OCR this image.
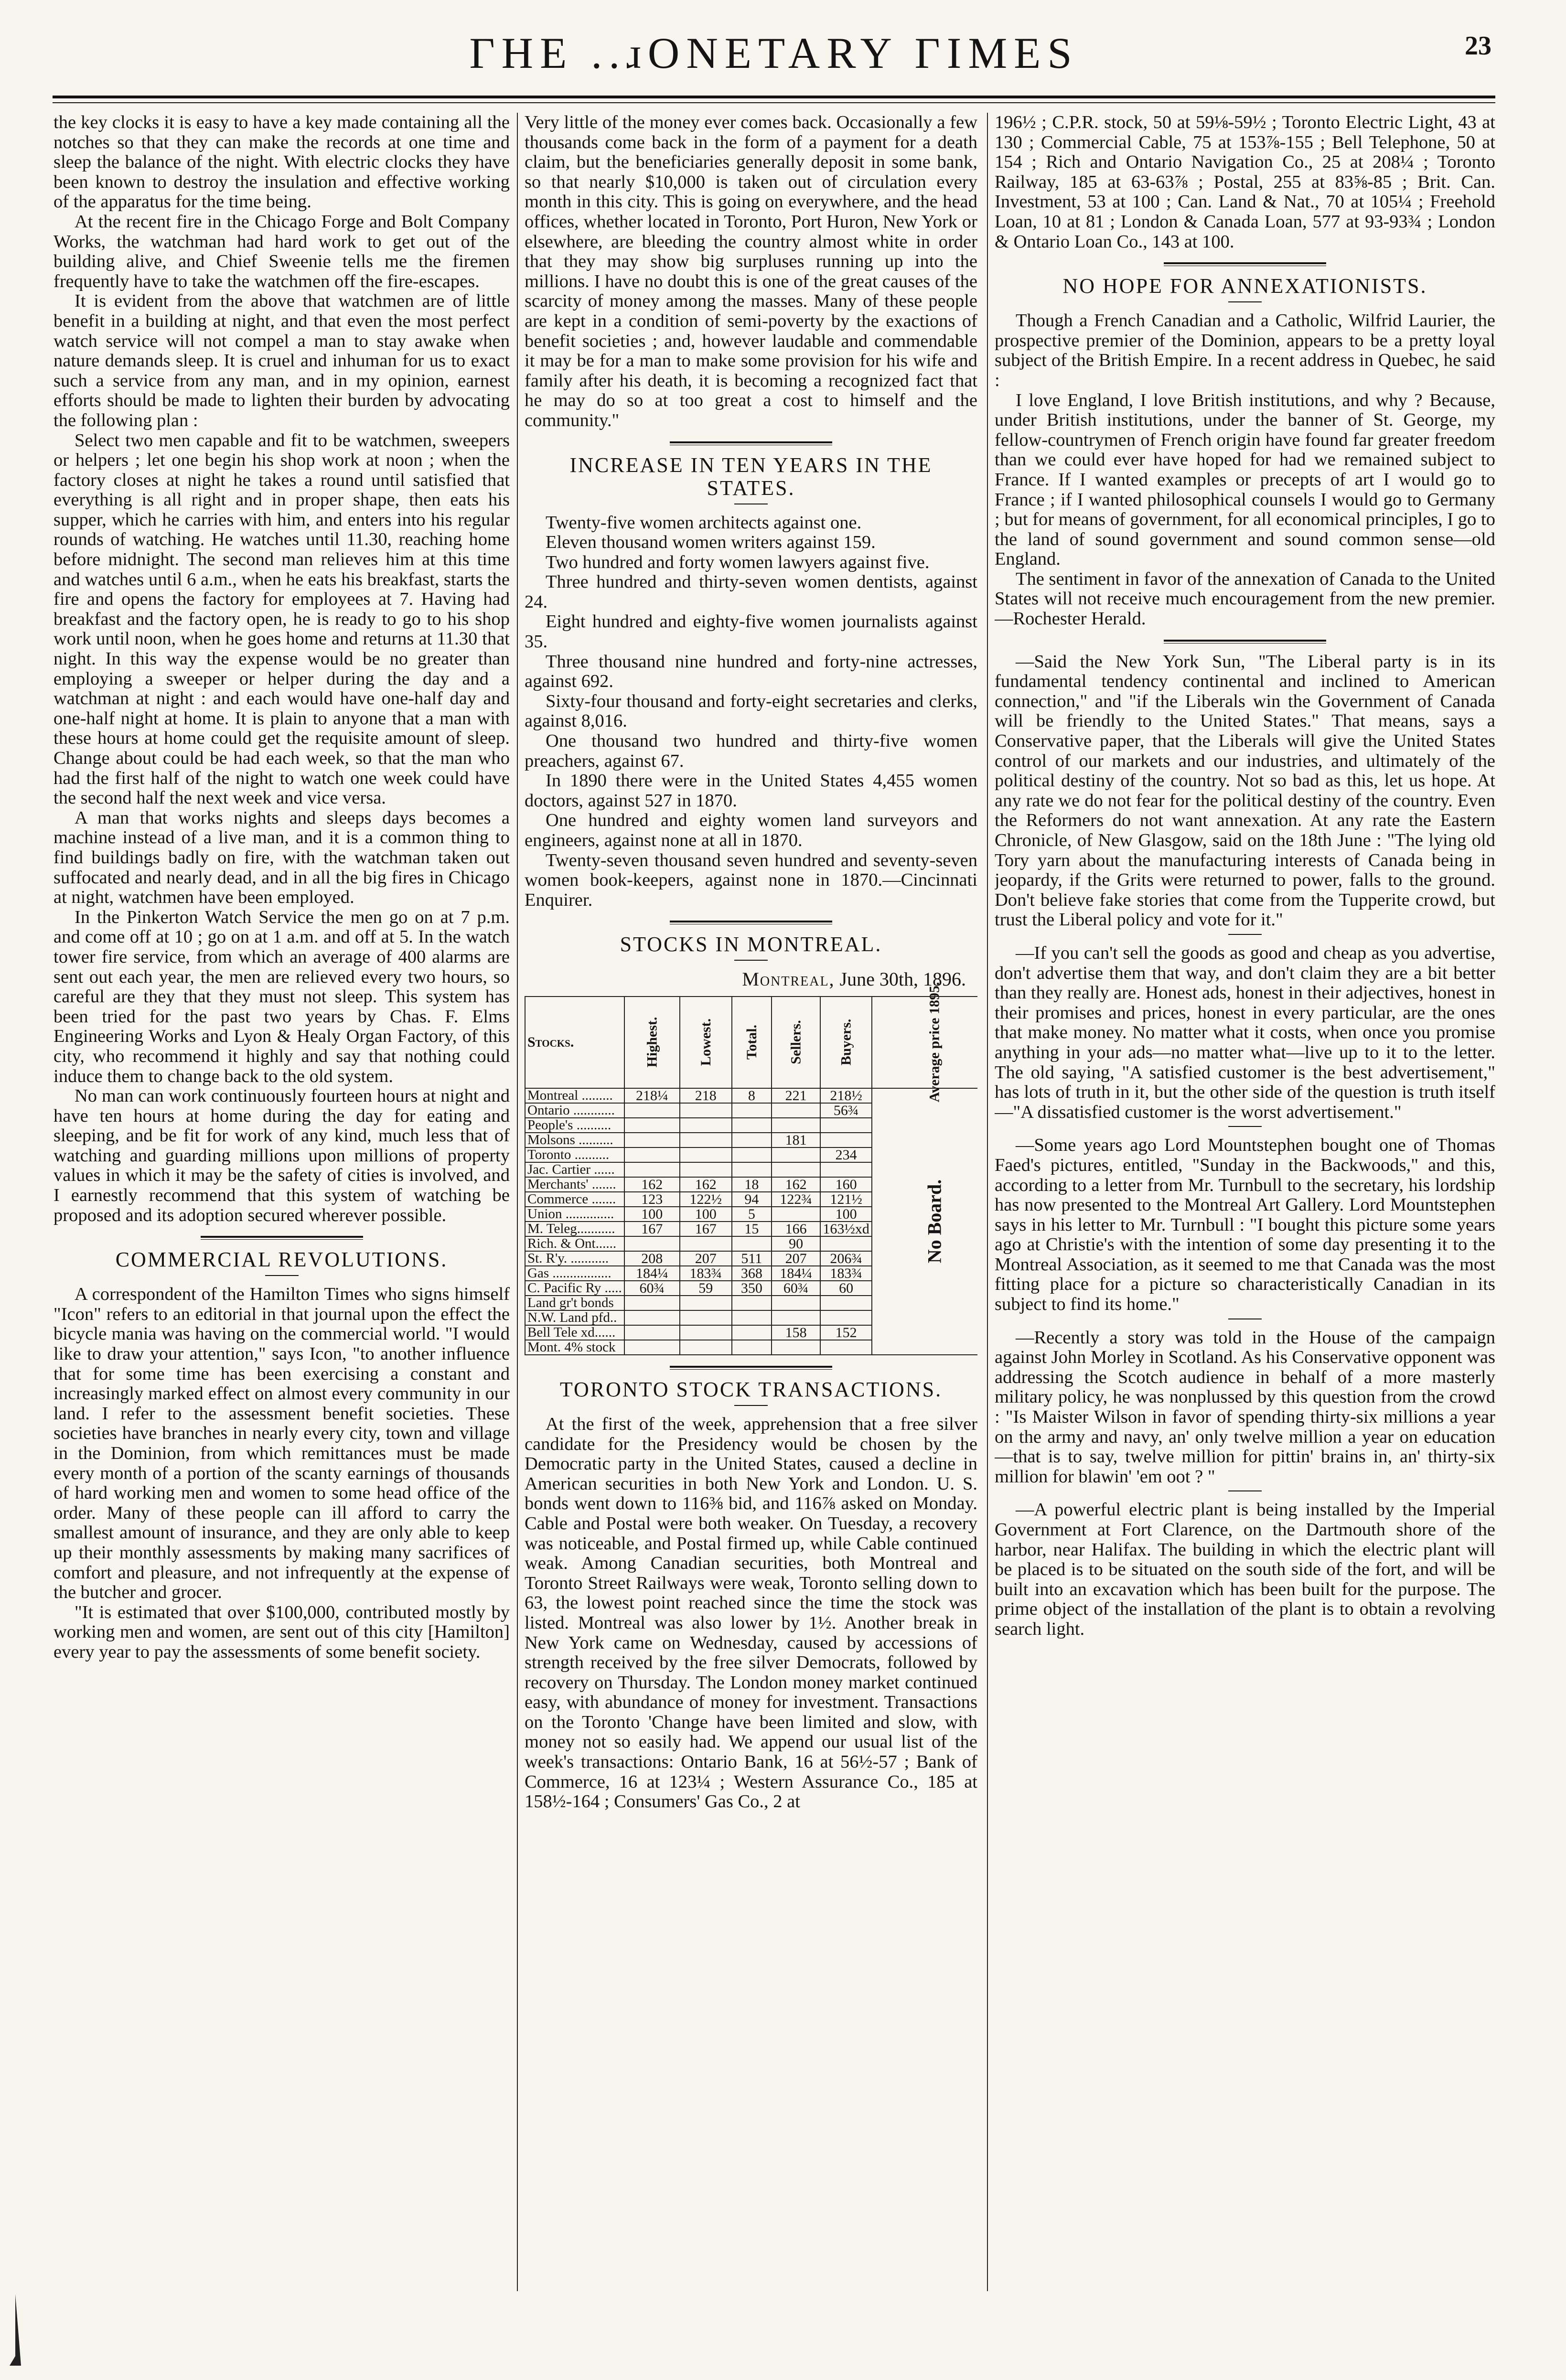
ΓHE ..ɹONETARY ΓIMES	23

the key clocks it is easy to have a key made containing all the notches so that they can make the records at one time and sleep the balance of the night. With electric clocks they have been known to destroy the insulation and effective working of the apparatus for the time being.

At the recent fire in the Chicago Forge and Bolt Company Works, the watchman had hard work to get out of the building alive, and Chief Sweenie tells me the firemen frequently have to take the watchmen off the fire-escapes.

It is evident from the above that watchmen are of little benefit in a building at night, and that even the most perfect watch service will not compel a man to stay awake when nature demands sleep. It is cruel and inhuman for us to exact such a service from any man, and in my opinion, earnest efforts should be made to lighten their burden by advocating the following plan :

Select two men capable and fit to be watchmen, sweepers or helpers ; let one begin his shop work at noon ; when the factory closes at night he takes a round until satisfied that everything is all right and in proper shape, then eats his supper, which he carries with him, and enters into his regular rounds of watching. He watches until 11.30, reaching home before midnight. The second man relieves him at this time and watches until 6 a.m., when he eats his breakfast, starts the fire and opens the factory for employees at 7. Having had breakfast and the factory open, he is ready to go to his shop work until noon, when he goes home and returns at 11.30 that night. In this way the expense would be no greater than employing a sweeper or helper during the day and a watchman at night : and each would have one-half day and one-half night at home. It is plain to anyone that a man with these hours at home could get the requisite amount of sleep. Change about could be had each week, so that the man who had the first half of the night to watch one week could have the second half the next week and vice versa.

A man that works nights and sleeps days becomes a machine instead of a live man, and it is a common thing to find buildings badly on fire, with the watchman taken out suffocated and nearly dead, and in all the big fires in Chicago at night, watchmen have been employed.

In the Pinkerton Watch Service the men go on at 7 p.m. and come off at 10 ; go on at 1 a.m. and off at 5. In the watch tower fire service, from which an average of 400 alarms are sent out each year, the men are relieved every two hours, so careful are they that they must not sleep. This system has been tried for the past two years by Chas. F. Elms Engineering Works and Lyon & Healy Organ Factory, of this city, who recommend it highly and say that nothing could induce them to change back to the old system.

No man can work continuously fourteen hours at night and have ten hours at home during the day for eating and sleeping, and be fit for work of any kind, much less that of watching and guarding millions upon millions of property values in which it may be the safety of cities is involved, and I earnestly recommend that this system of watching be proposed and its adoption secured wherever possible.

COMMERCIAL REVOLUTIONS.

A correspondent of the Hamilton Times who signs himself "Icon" refers to an editorial in that journal upon the effect the bicycle mania was having on the commercial world. "I would like to draw your attention," says Icon, "to another influence that for some time has been exercising a constant and increasingly marked effect on almost every community in our land. I refer to the assessment benefit societies. These societies have branches in nearly every city, town and village in the Dominion, from which remittances must be made every month of a portion of the scanty earnings of thousands of hard working men and women to some head office of the order. Many of these people can ill afford to carry the smallest amount of insurance, and they are only able to keep up their monthly assessments by making many sacrifices of comfort and pleasure, and not infrequently at the expense of the butcher and grocer.

"It is estimated that over $100,000, contributed mostly by working men and women, are sent out of this city [Hamilton] every year to pay the assessments of some benefit society.

Very little of the money ever comes back. Occasionally a few thousands come back in the form of a payment for a death claim, but the beneficiaries generally deposit in some bank, so that nearly $10,000 is taken out of circulation every month in this city. This is going on everywhere, and the head offices, whether located in Toronto, Port Huron, New York or elsewhere, are bleeding the country almost white in order that they may show big surpluses running up into the millions. I have no doubt this is one of the great causes of the scarcity of money among the masses. Many of these people are kept in a condition of semi-poverty by the exactions of benefit societies ; and, however laudable and commendable it may be for a man to make some provision for his wife and family after his death, it is becoming a recognized fact that he may do so at too great a cost to himself and the community."

INCREASE IN TEN YEARS IN THE STATES.

Twenty-five women architects against one.

Eleven thousand women writers against 159.

Two hundred and forty women lawyers against five.

Three hundred and thirty-seven women dentists, against 24.

Eight hundred and eighty-five women journalists against 35.

Three thousand nine hundred and forty-nine actresses, against 692.

Sixty-four thousand and forty-eight secretaries and clerks, against 8,016.

One thousand two hundred and thirty-five women preachers, against 67.

In 1890 there were in the United States 4,455 women doctors, against 527 in 1870.

One hundred and eighty women land surveyors and engineers, against none at all in 1870.

Twenty-seven thousand seven hundred and seventy-seven women book-keepers, against none in 1870.—Cincinnati Enquirer.

STOCKS IN MONTREAL.
Montreal, June 30th, 1896.
Stocks.	Highest.	Lowest.	Total.	Sellers.	Buyers.	Average price 1895.
Montreal .........	218¼	218	8	221	218½	No Board.
Ontario ............					56¾	
People's ..........						
Molsons ..........				181		
Toronto ..........					234	
Jac. Cartier ......						
Merchants' .......	162	162	18	162	160	
Commerce .......	123	122½	94	122¾	121½	
Union ..............	100	100	5		100	
M. Teleg...........	167	167	15	166	163½xd	
Rich. & Ont......				90		
St. R'y. ...........	208	207	511	207	206¾	
Gas .................	184¼	183¾	368	184¼	183¾	
C. Pacific Ry .....	60¾	59	350	60¾	60	
Land gr't bonds						
N.W. Land pfd..						
Bell Tele xd......				158	152	
Mont. 4% stock						
TORONTO STOCK TRANSACTIONS.

At the first of the week, apprehension that a free silver candidate for the Presidency would be chosen by the Democratic party in the United States, caused a decline in American securities in both New York and London. U. S. bonds went down to 116⅜ bid, and 116⅞ asked on Monday. Cable and Postal were both weaker. On Tuesday, a recovery was noticeable, and Postal firmed up, while Cable continued weak. Among Canadian securities, both Montreal and Toronto Street Railways were weak, Toronto selling down to 63, the lowest point reached since the time the stock was listed. Montreal was also lower by 1½. Another break in New York came on Wednesday, caused by accessions of strength received by the free silver Democrats, followed by recovery on Thursday. The London money market continued easy, with abundance of money for investment. Transactions on the Toronto 'Change have been limited and slow, with money not so easily had. We append our usual list of the week's transactions: Ontario Bank, 16 at 56½-57 ; Bank of Commerce, 16 at 123¼ ; Western Assurance Co., 185 at 158½-164 ; Consumers' Gas Co., 2 at

196½ ; C.P.R. stock, 50 at 59⅛-59½ ; Toronto Electric Light, 43 at 130 ; Commercial Cable, 75 at 153⅞-155 ; Bell Telephone, 50 at 154 ; Rich and Ontario Navigation Co., 25 at 208¼ ; Toronto Railway, 185 at 63-63⅞ ; Postal, 255 at 83⅝-85 ; Brit. Can. Investment, 53 at 100 ; Can. Land & Nat., 70 at 105¼ ; Freehold Loan, 10 at 81 ; London & Canada Loan, 577 at 93-93¾ ; London & Ontario Loan Co., 143 at 100.

NO HOPE FOR ANNEXATIONISTS.

Though a French Canadian and a Catholic, Wilfrid Laurier, the prospective premier of the Dominion, appears to be a pretty loyal subject of the British Empire. In a recent address in Quebec, he said :

I love England, I love British institutions, and why ? Because, under British institutions, under the banner of St. George, my fellow-countrymen of French origin have found far greater freedom than we could ever have hoped for had we remained subject to France. If I wanted examples or precepts of art I would go to France ; if I wanted philosophical counsels I would go to Germany ; but for means of government, for all economical principles, I go to the land of sound government and sound common sense—old England.

The sentiment in favor of the annexation of Canada to the United States will not receive much encouragement from the new premier.—Rochester Herald.

—Said the New York Sun, "The Liberal party is in its fundamental tendency continental and inclined to American connection," and "if the Liberals win the Government of Canada will be friendly to the United States." That means, says a Conservative paper, that the Liberals will give the United States control of our markets and our industries, and ultimately of the political destiny of the country. Not so bad as this, let us hope. At any rate we do not fear for the political destiny of the country. Even the Reformers do not want annexation. At any rate the Eastern Chronicle, of New Glasgow, said on the 18th June : "The lying old Tory yarn about the manufacturing interests of Canada being in jeopardy, if the Grits were returned to power, falls to the ground. Don't believe fake stories that come from the Tupperite crowd, but trust the Liberal policy and vote for it."

—If you can't sell the goods as good and cheap as you advertise, don't advertise them that way, and don't claim they are a bit better than they really are. Honest ads, honest in their adjectives, honest in their promises and prices, honest in every particular, are the ones that make money. No matter what it costs, when once you promise anything in your ads—no matter what—live up to it to the letter. The old saying, "A satisfied customer is the best advertisement," has lots of truth in it, but the other side of the question is truth itself—"A dissatisfied customer is the worst advertisement."

—Some years ago Lord Mountstephen bought one of Thomas Faed's pictures, entitled, "Sunday in the Backwoods," and this, according to a letter from Mr. Turnbull to the secretary, his lordship has now presented to the Montreal Art Gallery. Lord Mountstephen says in his letter to Mr. Turnbull : "I bought this picture some years ago at Christie's with the intention of some day presenting it to the Montreal Association, as it seemed to me that Canada was the most fitting place for a picture so characteristically Canadian in its subject to find its home."

—Recently a story was told in the House of the campaign against John Morley in Scotland. As his Conservative opponent was addressing the Scotch audience in behalf of a more masterly military policy, he was nonplussed by this question from the crowd : "Is Maister Wilson in favor of spending thirty-six millions a year on the army and navy, an' only twelve million a year on education—that is to say, twelve million for pittin' brains in, an' thirty-six million for blawin' 'em oot ? "

—A powerful electric plant is being installed by the Imperial Government at Fort Clarence, on the Dartmouth shore of the harbor, near Halifax. The building in which the electric plant will be placed is to be situated on the south side of the fort, and will be built into an excavation which has been built for the purpose. The prime object of the installation of the plant is to obtain a revolving search light.
